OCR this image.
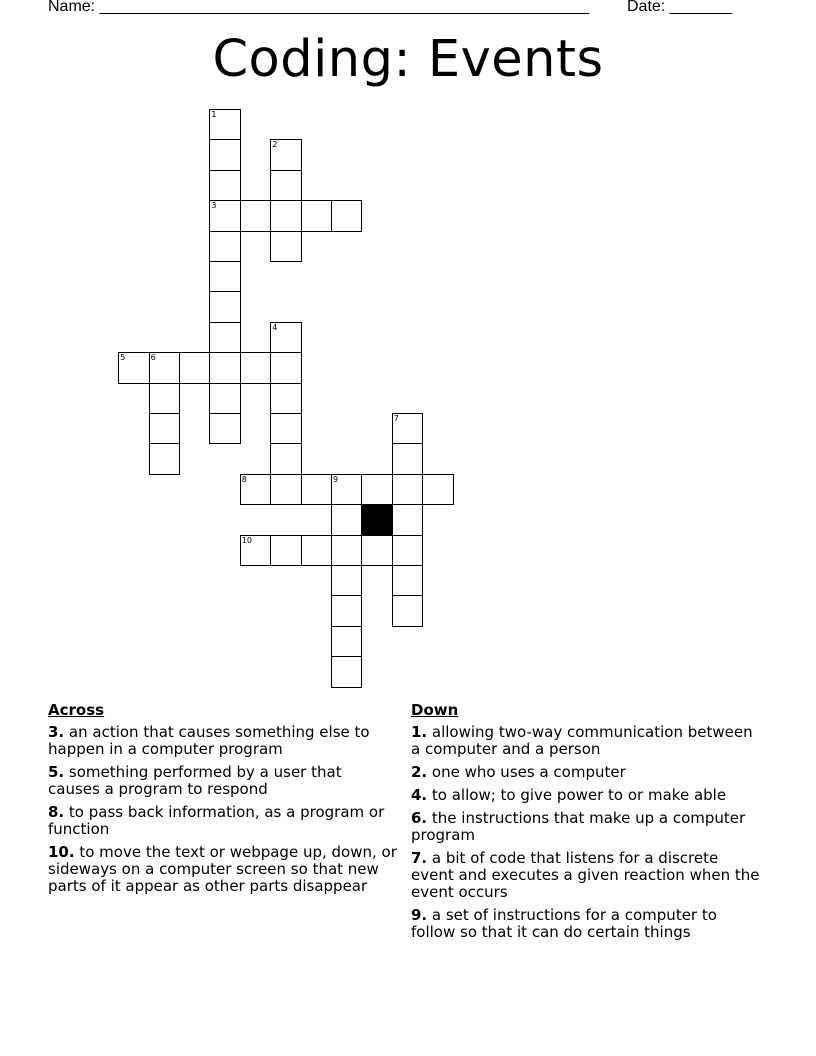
Name: _______________________________________________________ Date: _______
Coding: Events
1
2
3
4
5	6
7
8	9
10
Across
3. an action that causes something else to happen in a computer program
5. something performed by a user that causes a program to respond
8. to pass back information, as a program or function
10. to move the text or webpage up, down, or sideways on a computer screen so that new parts of it appear as other parts disappear
Down
1. allowing two-way communication between a computer and a person
2. one who uses a computer
4. to allow; to give power to or make able
6. the instructions that make up a computer program
7. a bit of code that listens for a discrete event and executes a given reaction when the event occurs
9. a set of instructions for a computer to follow so that it can do certain things
